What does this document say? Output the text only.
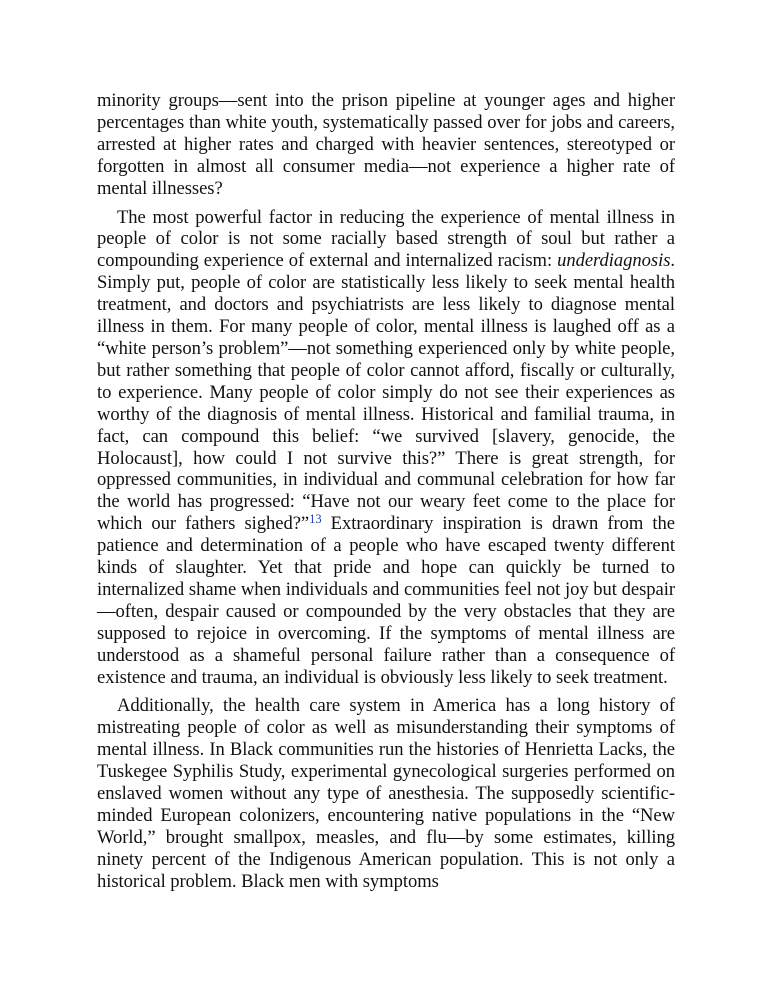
minority groups—sent into the prison pipeline at younger ages and higher percentages than white youth, systematically passed over for jobs and careers, arrested at higher rates and charged with heavier sentences, stereotyped or forgotten in almost all consumer media—not experience a higher rate of mental illnesses?

The most powerful factor in reducing the experience of mental illness in people of color is not some racially based strength of soul but rather a compounding experience of external and internalized racism: underdiagnosis. Simply put, people of color are statistically less likely to seek mental health treatment, and doctors and psychiatrists are less likely to diagnose mental illness in them. For many people of color, mental illness is laughed off as a “white person’s problem”—not something experienced only by white people, but rather something that people of color cannot afford, fiscally or culturally, to experience. Many people of color simply do not see their experiences as worthy of the diagnosis of mental illness. Historical and familial trauma, in fact, can compound this belief: “we survived [slavery, genocide, the Holocaust], how could I not survive this?” There is great strength, for oppressed communities, in individual and communal celebration for how far the world has progressed: “Have not our weary feet come to the place for which our fathers sighed?”$^{13}$ Extraordinary inspiration is drawn from the patience and determination of a people who have escaped twenty different kinds of slaughter. Yet that pride and hope can quickly be turned to internalized shame when individuals and communities feel not joy but despair—often, despair caused or compounded by the very obstacles that they are supposed to rejoice in overcoming. If the symptoms of mental illness are understood as a shameful personal failure rather than a consequence of existence and trauma, an individual is obviously less likely to seek treatment.

Additionally, the health care system in America has a long history of mistreating people of color as well as misunderstanding their symptoms of mental illness. In Black communities run the histories of Henrietta Lacks, the Tuskegee Syphilis Study, experimental gynecological surgeries performed on enslaved women without any type of anesthesia. The supposedly scientific-minded European colonizers, encountering native populations in the “New World,” brought smallpox, measles, and flu—by some estimates, killing ninety percent of the Indigenous American population. This is not only a historical problem. Black men with symptoms
